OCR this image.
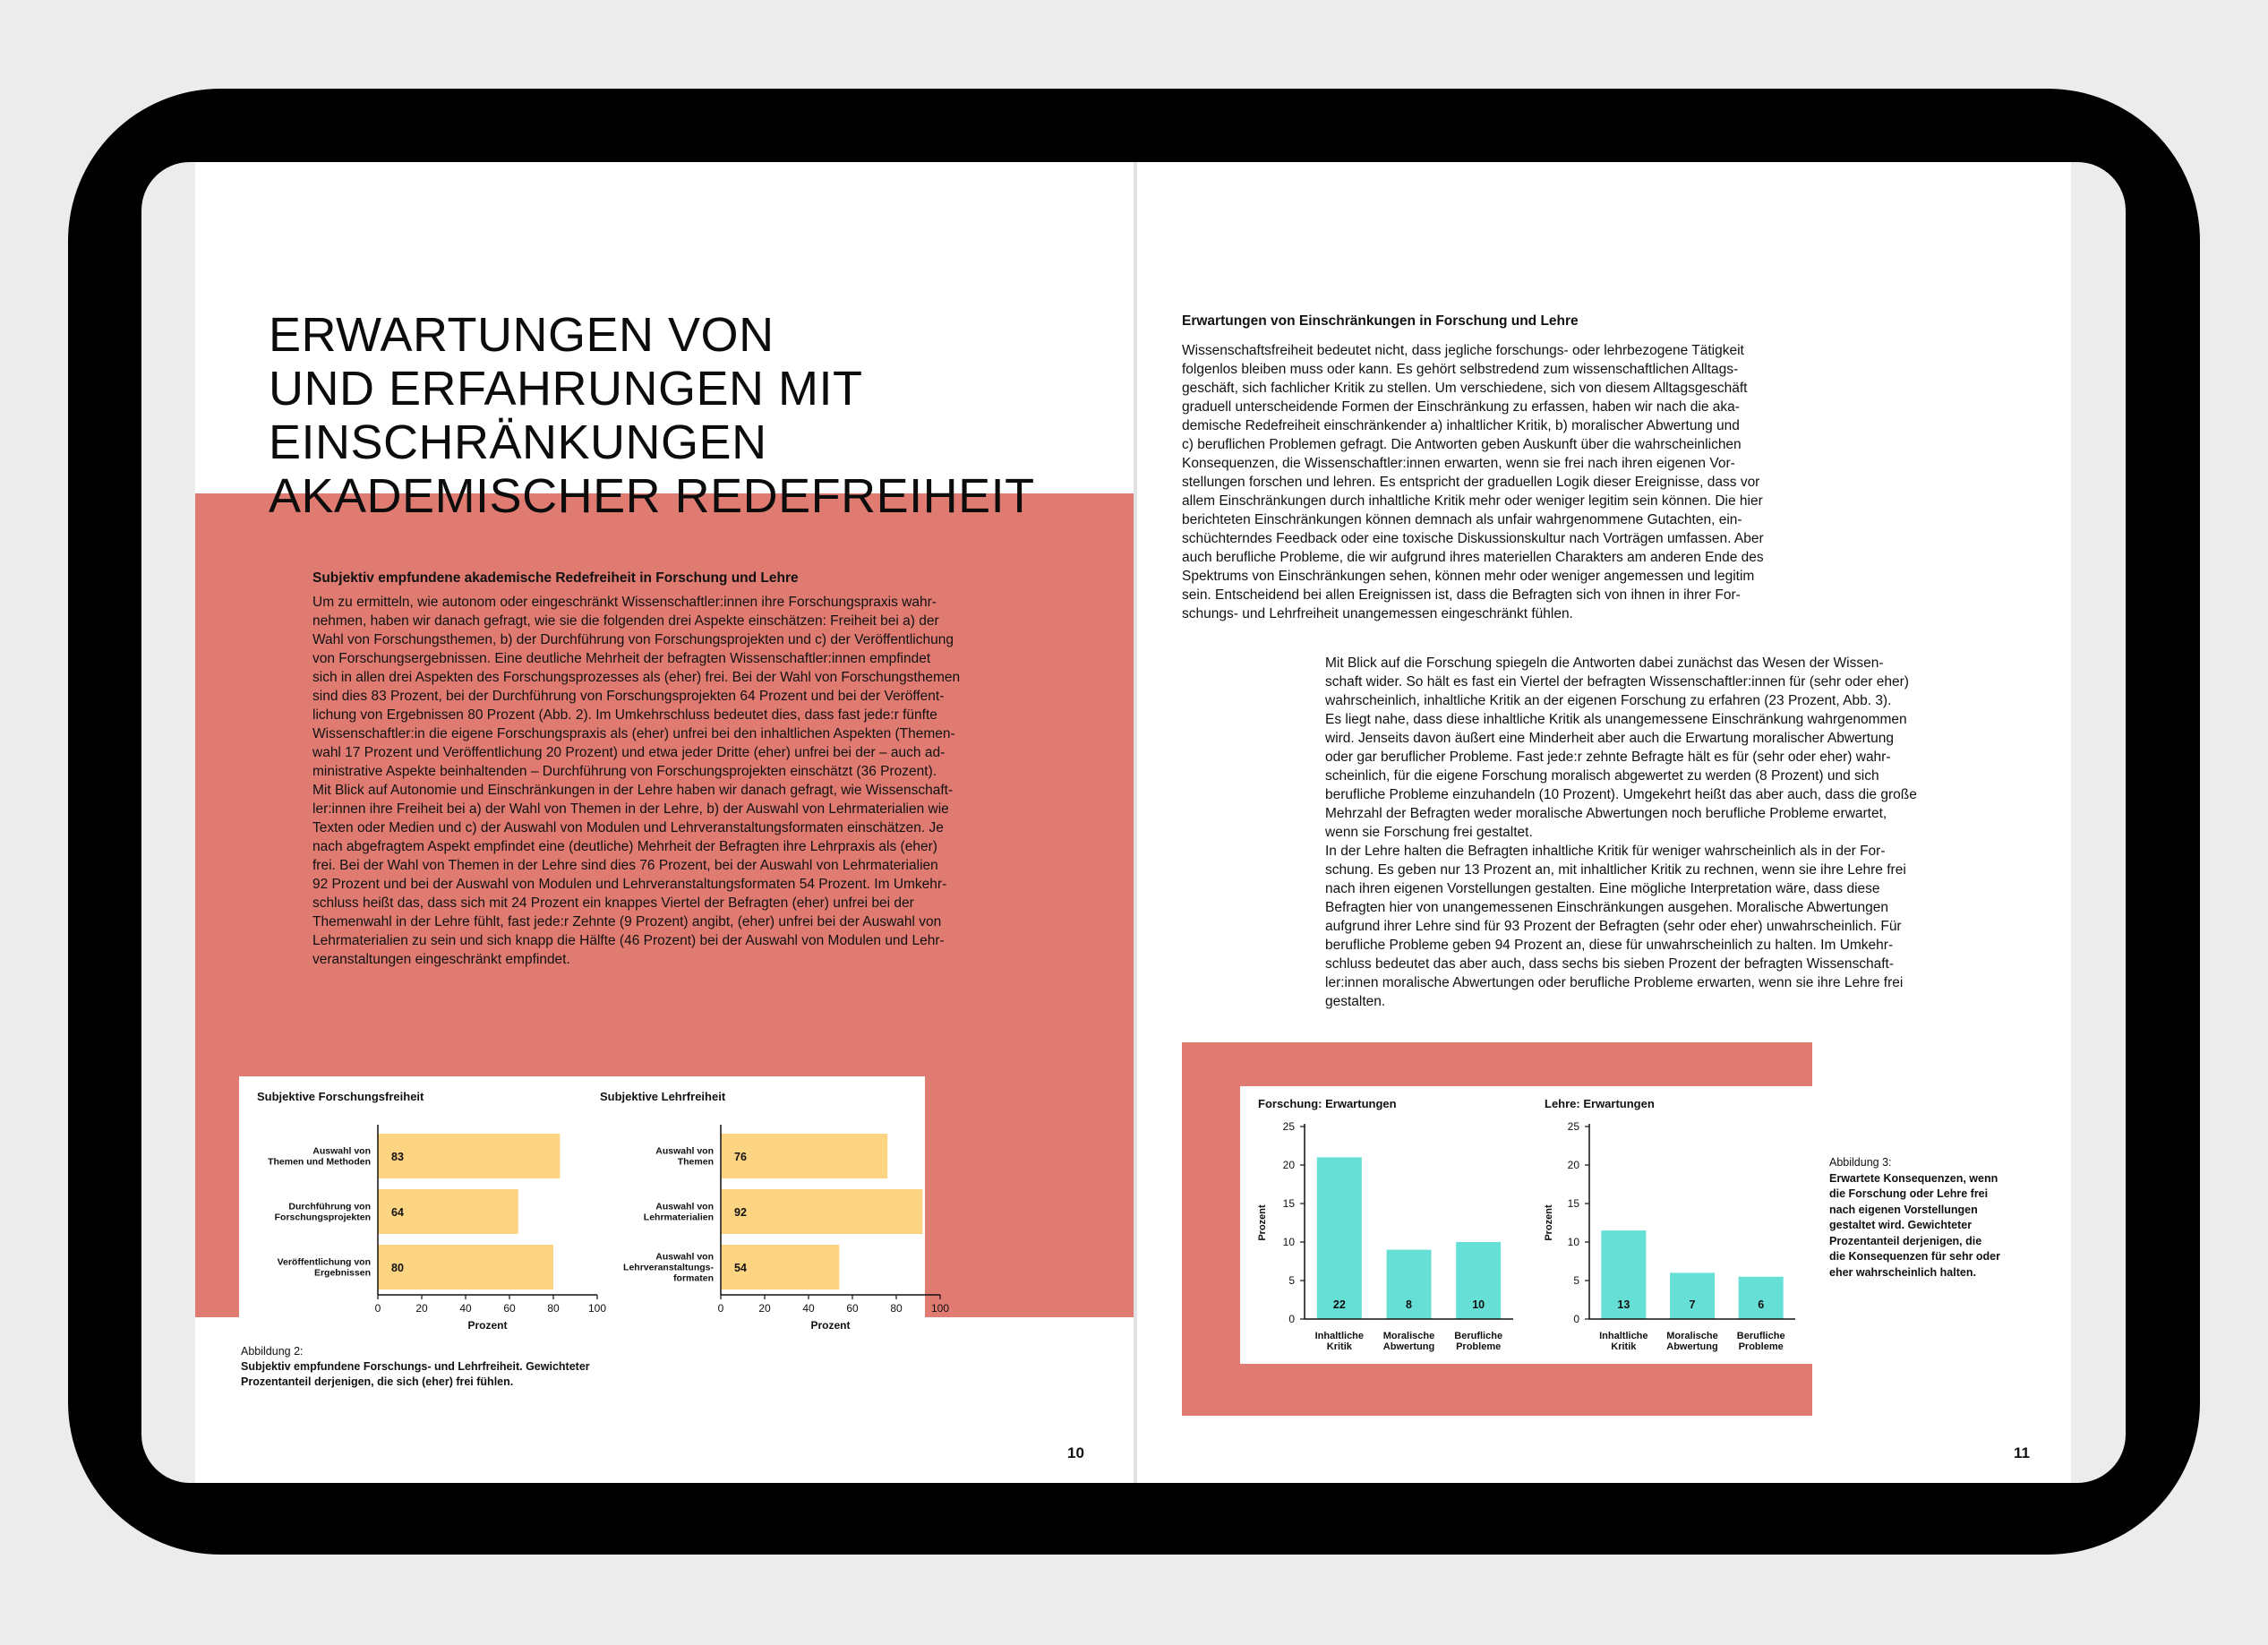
ERWARTUNGEN VON
UND ERFAHRUNGEN MIT
EINSCHRÄNKUNGEN
AKADEMISCHER REDEFREIHEIT

Subjektiv empfundene akademische Redefreiheit in Forschung und Lehre

Um zu ermitteln, wie autonom oder eingeschränkt Wissenschaftler:innen ihre Forschungspraxis wahr-
nehmen, haben wir danach gefragt, wie sie die folgenden drei Aspekte einschätzen: Freiheit bei a) der
Wahl von Forschungsthemen, b) der Durchführung von Forschungsprojekten und c) der Veröffentlichung
von Forschungsergebnissen. Eine deutliche Mehrheit der befragten Wissenschaftler:innen empfindet
sich in allen drei Aspekten des Forschungsprozesses als (eher) frei. Bei der Wahl von Forschungsthemen
sind dies 83 Prozent, bei der Durchführung von Forschungsprojekten 64 Prozent und bei der Veröffent-
lichung von Ergebnissen 80 Prozent (Abb. 2). Im Umkehrschluss bedeutet dies, dass fast jede:r fünfte
Wissenschaftler:in die eigene Forschungspraxis als (eher) unfrei bei den inhaltlichen Aspekten (Themen-
wahl 17 Prozent und Veröffentlichung 20 Prozent) und etwa jeder Dritte (eher) unfrei bei der – auch ad-
ministrative Aspekte beinhaltenden – Durchführung von Forschungsprojekten einschätzt (36 Prozent).
Mit Blick auf Autonomie und Einschränkungen in der Lehre haben wir danach gefragt, wie Wissenschaft-
ler:innen ihre Freiheit bei a) der Wahl von Themen in der Lehre, b) der Auswahl von Lehrmaterialien wie
Texten oder Medien und c) der Auswahl von Modulen und Lehrveranstaltungsformaten einschätzen. Je
nach abgefragtem Aspekt empfindet eine (deutliche) Mehrheit der Befragten ihre Lehrpraxis als (eher)
frei. Bei der Wahl von Themen in der Lehre sind dies 76 Prozent, bei der Auswahl von Lehrmaterialien
92 Prozent und bei der Auswahl von Modulen und Lehrveranstaltungsformaten 54 Prozent. Im Umkehr-
schluss heißt das, dass sich mit 24 Prozent ein knappes Viertel der Befragten (eher) unfrei bei der
Themenwahl in der Lehre fühlt, fast jede:r Zehnte (9 Prozent) angibt, (eher) unfrei bei der Auswahl von
Lehrmaterialien zu sein und sich knapp die Hälfte (46 Prozent) bei der Auswahl von Modulen und Lehr-
veranstaltungen eingeschränkt empfindet.

Subjektive Forschungsfreiheit
83
Auswahl von Themen und Methoden
64
Durchführung von Forschungsprojekten
80
Veröffentlichung von Ergebnissen
0	20	40	60	80	100
Prozent
Subjektive Lehrfreiheit
76
Auswahl von Themen
92
Auswahl von Lehrmaterialien
54
Auswahl von Lehrveranstaltungs-formaten
0	20	40	60	80	100
Prozent

Abbildung 2:
Subjektiv empfundene Forschungs- und Lehrfreiheit. Gewichteter
Prozentanteil derjenigen, die sich (eher) frei fühlen.

10

Erwartungen von Einschränkungen in Forschung und Lehre

Wissenschaftsfreiheit bedeutet nicht, dass jegliche forschungs- oder lehrbezogene Tätigkeit
folgenlos bleiben muss oder kann. Es gehört selbstredend zum wissenschaftlichen Alltags-
geschäft, sich fachlicher Kritik zu stellen. Um verschiedene, sich von diesem Alltagsgeschäft
graduell unterscheidende Formen der Einschränkung zu erfassen, haben wir nach die aka-
demische Redefreiheit einschränkender a) inhaltlicher Kritik, b) moralischer Abwertung und
c) beruflichen Problemen gefragt. Die Antworten geben Auskunft über die wahrscheinlichen
Konsequenzen, die Wissenschaftler:innen erwarten, wenn sie frei nach ihren eigenen Vor-
stellungen forschen und lehren. Es entspricht der graduellen Logik dieser Ereignisse, dass vor
allem Einschränkungen durch inhaltliche Kritik mehr oder weniger legitim sein können. Die hier
berichteten Einschränkungen können demnach als unfair wahrgenommene Gutachten, ein-
schüchterndes Feedback oder eine toxische Diskussionskultur nach Vorträgen umfassen. Aber
auch berufliche Probleme, die wir aufgrund ihres materiellen Charakters am anderen Ende des
Spektrums von Einschränkungen sehen, können mehr oder weniger angemessen und legitim
sein. Entscheidend bei allen Ereignissen ist, dass die Befragten sich von ihnen in ihrer For-
schungs- und Lehrfreiheit unangemessen eingeschränkt fühlen.

Mit Blick auf die Forschung spiegeln die Antworten dabei zunächst das Wesen der Wissen-
schaft wider. So hält es fast ein Viertel der befragten Wissenschaftler:innen für (sehr oder eher)
wahrscheinlich, inhaltliche Kritik an der eigenen Forschung zu erfahren (23 Prozent, Abb. 3).
Es liegt nahe, dass diese inhaltliche Kritik als unangemessene Einschränkung wahrgenommen
wird. Jenseits davon äußert eine Minderheit aber auch die Erwartung moralischer Abwertung
oder gar beruflicher Probleme. Fast jede:r zehnte Befragte hält es für (sehr oder eher) wahr-
scheinlich, für die eigene Forschung moralisch abgewertet zu werden (8 Prozent) und sich
berufliche Probleme einzuhandeln (10 Prozent). Umgekehrt heißt das aber auch, dass die große
Mehrzahl der Befragten weder moralische Abwertungen noch berufliche Probleme erwartet,
wenn sie Forschung frei gestaltet.
In der Lehre halten die Befragten inhaltliche Kritik für weniger wahrscheinlich als in der For-
schung. Es geben nur 13 Prozent an, mit inhaltlicher Kritik zu rechnen, wenn sie ihre Lehre frei
nach ihren eigenen Vorstellungen gestalten. Eine mögliche Interpretation wäre, dass diese
Befragten hier von unangemessenen Einschränkungen ausgehen. Moralische Abwertungen
aufgrund ihrer Lehre sind für 93 Prozent der Befragten (sehr oder eher) unwahrscheinlich. Für
berufliche Probleme geben 94 Prozent an, diese für unwahrscheinlich zu halten. Im Umkehr-
schluss bedeutet das aber auch, dass sechs bis sieben Prozent der befragten Wissenschaft-
ler:innen moralische Abwertungen oder berufliche Probleme erwarten, wenn sie ihre Lehre frei
gestalten.

Forschung: Erwartungen
0
5
10
15
20
25
Prozent
22
Inhaltliche Kritik
8
Moralische Abwertung
10
Berufliche Probleme
Lehre: Erwartungen
0
5
10
15
20
25
Prozent
13
Inhaltliche Kritik
7
Moralische Abwertung
6
Berufliche Probleme

Abbildung 3:
Erwartete Konsequenzen, wenn
die Forschung oder Lehre frei
nach eigenen Vorstellungen
gestaltet wird. Gewichteter
Prozentanteil derjenigen, die
die Konsequenzen für sehr oder
eher wahrscheinlich halten.

11
